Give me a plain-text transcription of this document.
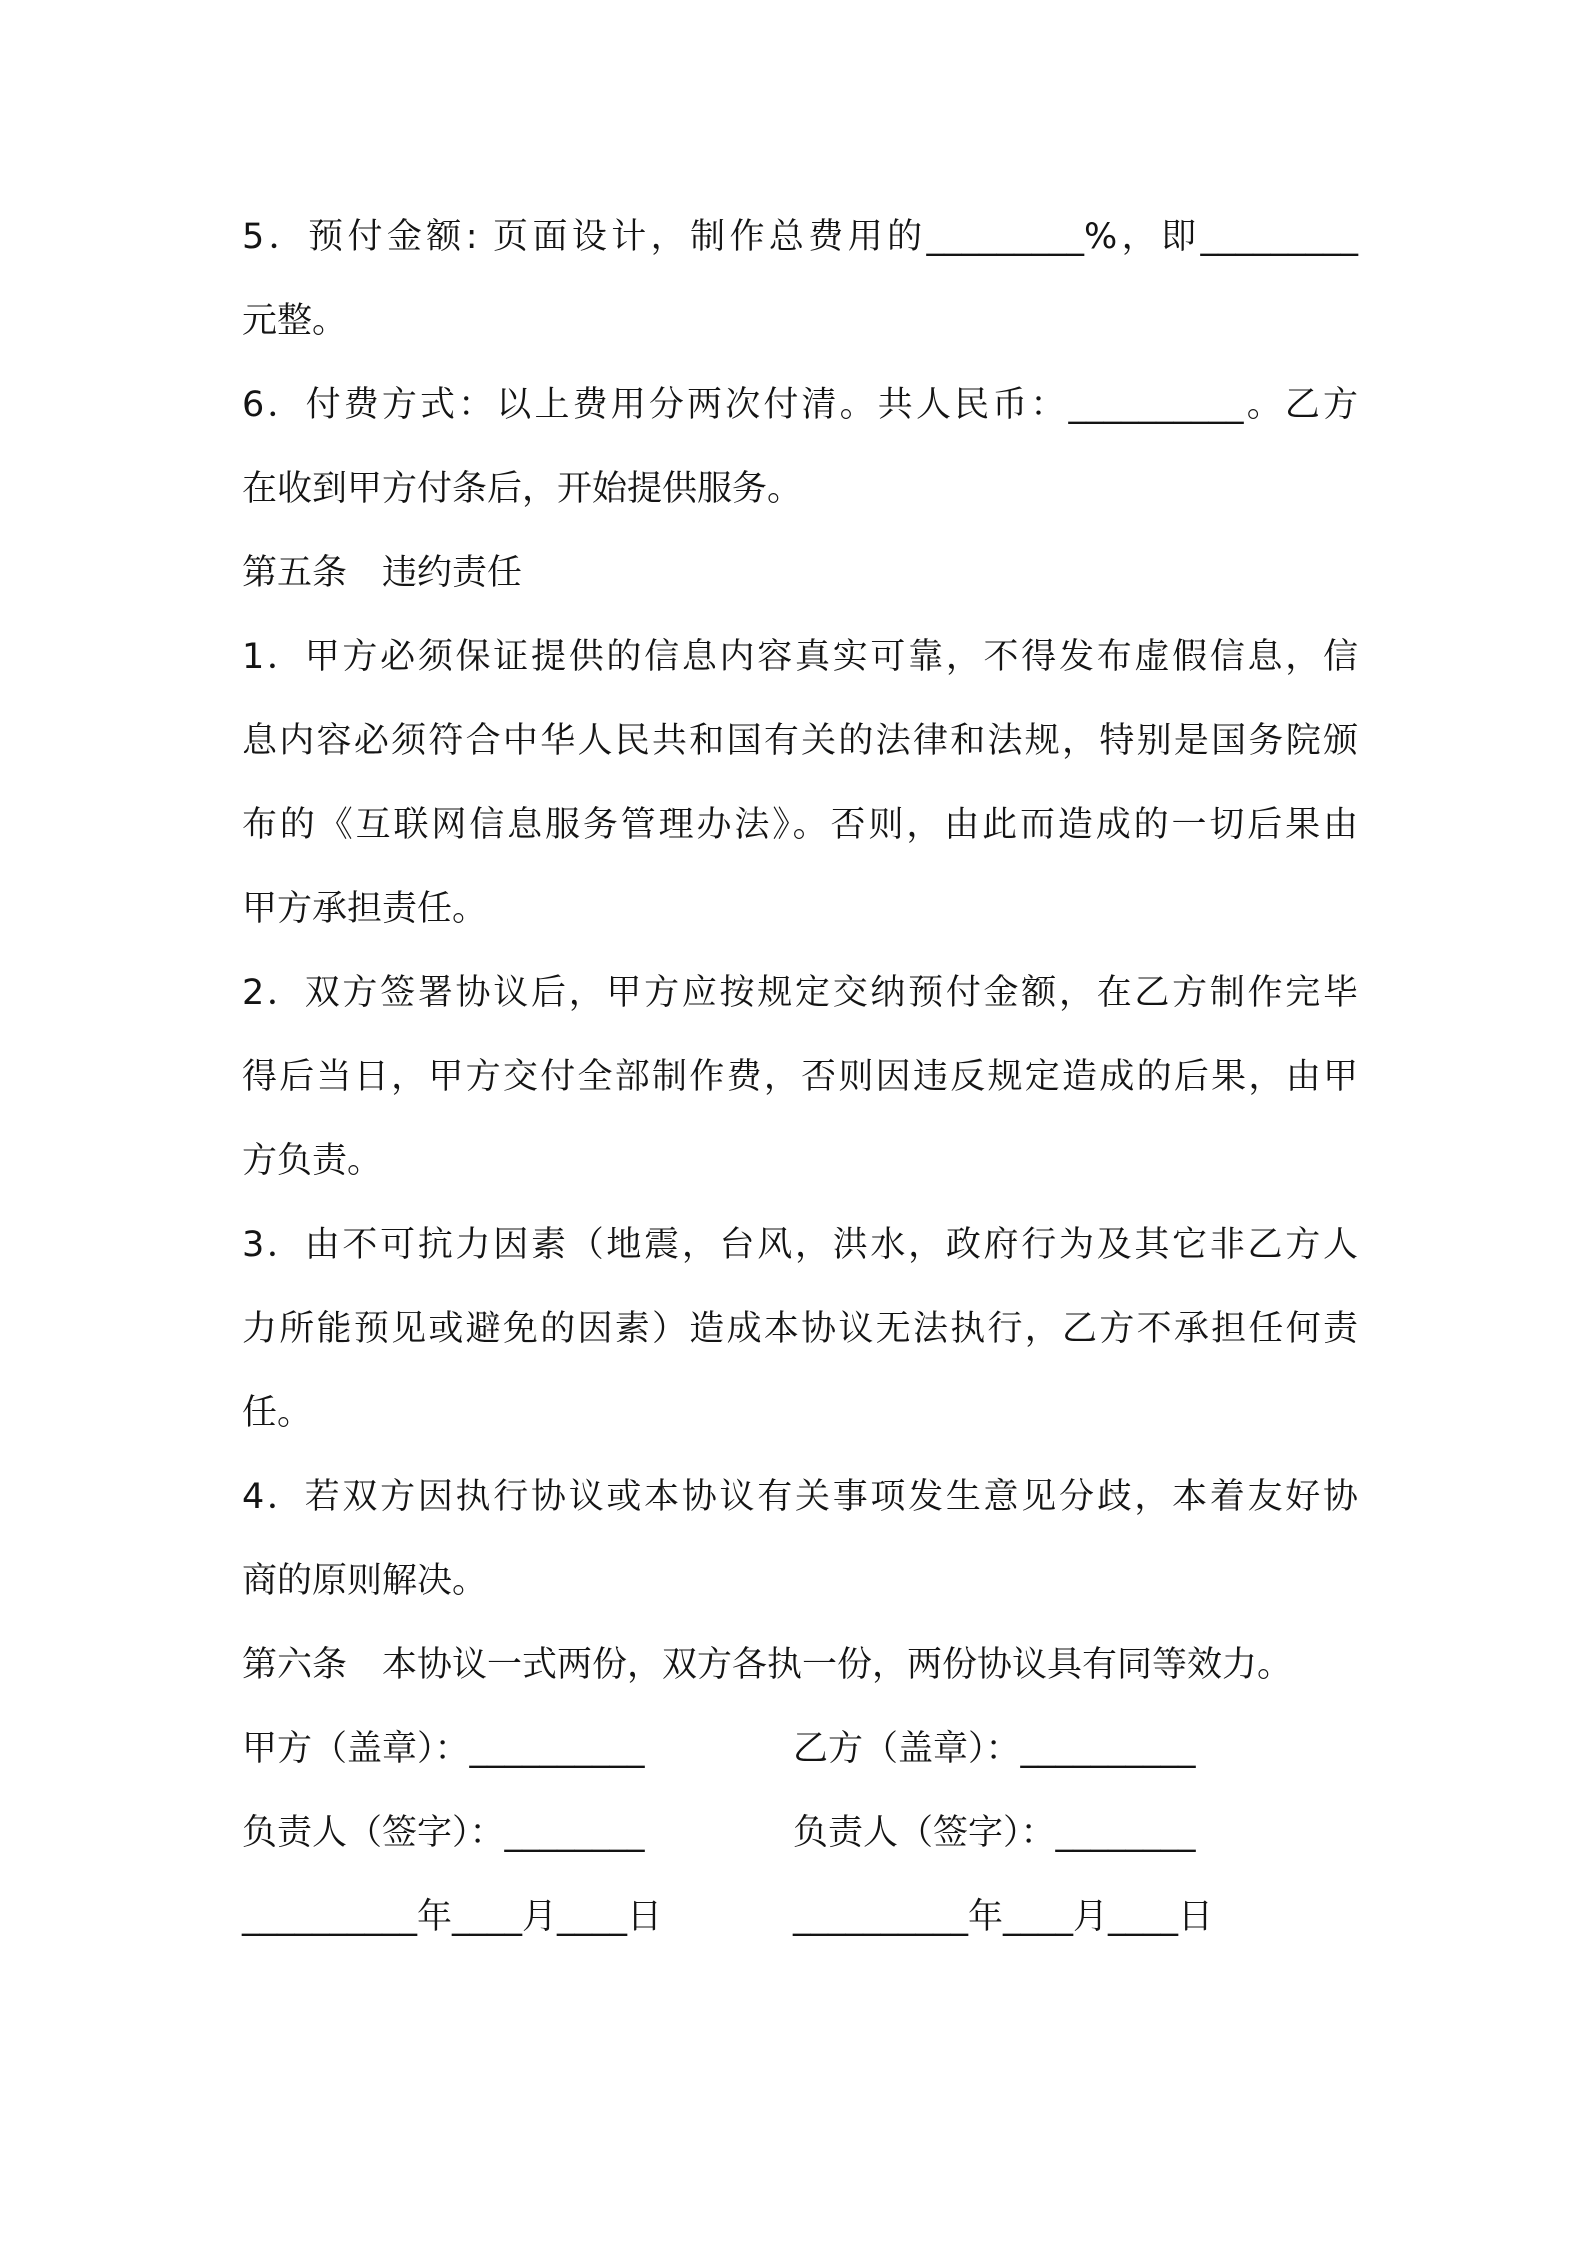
5．预付金额: 页面设计，制作总费用的_________%，即_________
元整。
6．付费方式：以上费用分两次付清。共人民币：__________。乙方
在收到甲方付条后，开始提供服务。
第五条　违约责任
1．甲方必须保证提供的信息内容真实可靠，不得发布虚假信息，信
息内容必须符合中华人民共和国有关的法律和法规，特别是国务院颁
布的《互联网信息服务管理办法》。否则，由此而造成的一切后果由
甲方承担责任。
2．双方签署协议后，甲方应按规定交纳预付金额，在乙方制作完毕
得后当日，甲方交付全部制作费，否则因违反规定造成的后果，由甲
方负责。
3．由不可抗力因素（地震，台风，洪水，政府行为及其它非乙方人
力所能预见或避免的因素）造成本协议无法执行，乙方不承担任何责
任。
4．若双方因执行协议或本协议有关事项发生意见分歧，本着友好协
商的原则解决。
第六条　本协议一式两份，双方各执一份，两份协议具有同等效力。
甲方（盖章）：__________	乙方（盖章）：__________
负责人（签字）：________	负责人（签字）：________
__________年____月____日	__________年____月____日
